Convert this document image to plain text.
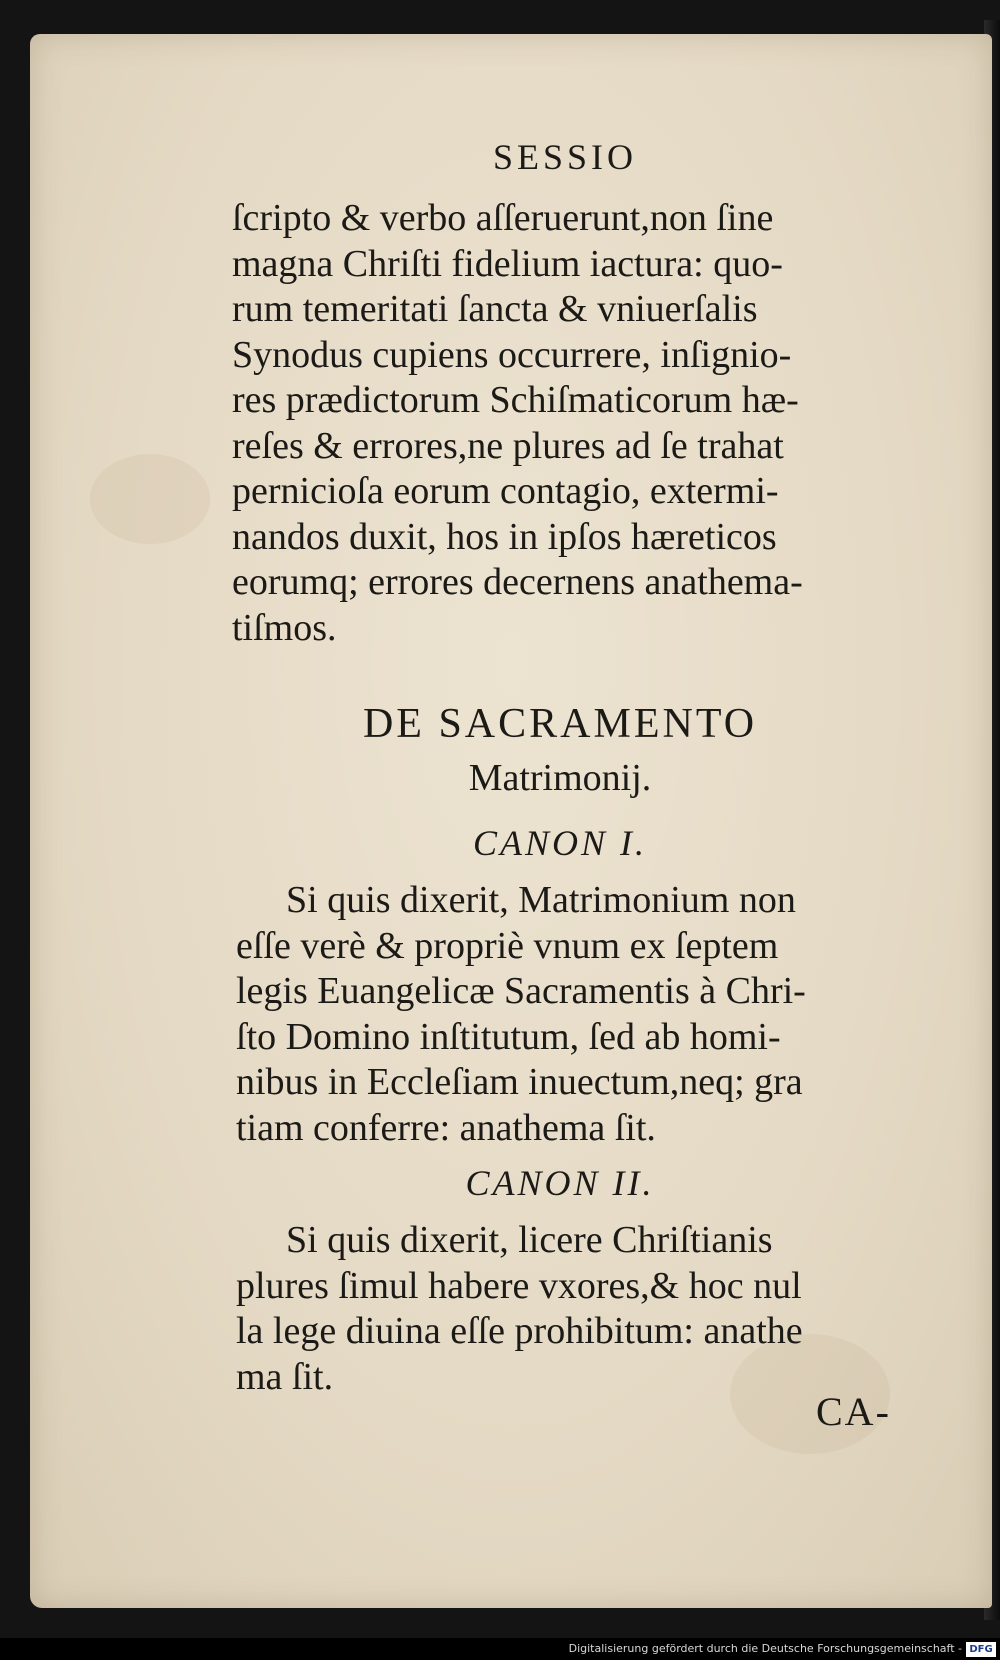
SESSIO

ſcripto & verbo aſſeruerunt,non ſine
magna Chriſti fidelium iactura: quo-
rum temeritati ſancta & vniuerſalis
Synodus cupiens occurrere, inſignio-
res prædictorum Schiſmaticorum hæ-
reſes & errores,ne plures ad ſe trahat
pernicioſa eorum contagio, extermi-
nandos duxit, hos in ipſos hæreticos
eorumq; errores decernens anathema-
tiſmos.

DE SACRAMENTO
Matrimonij.
CANON I.

Si quis dixerit, Matrimonium non
eſſe verè & propriè vnum ex ſeptem
legis Euangelicæ Sacramentis à Chri-
ſto Domino inſtitutum, ſed ab homi-
nibus in Eccleſiam inuectum,neq; gra
tiam conferre: anathema ſit.

CANON II.

Si quis dixerit, licere Chriſtianis
plures ſimul habere vxores,& hoc nul
la lege diuina eſſe prohibitum: anathe
ma ſit.

CA-
Digitalisierung gefördert durch die Deutsche Forschungsgemeinschaft - DFG
